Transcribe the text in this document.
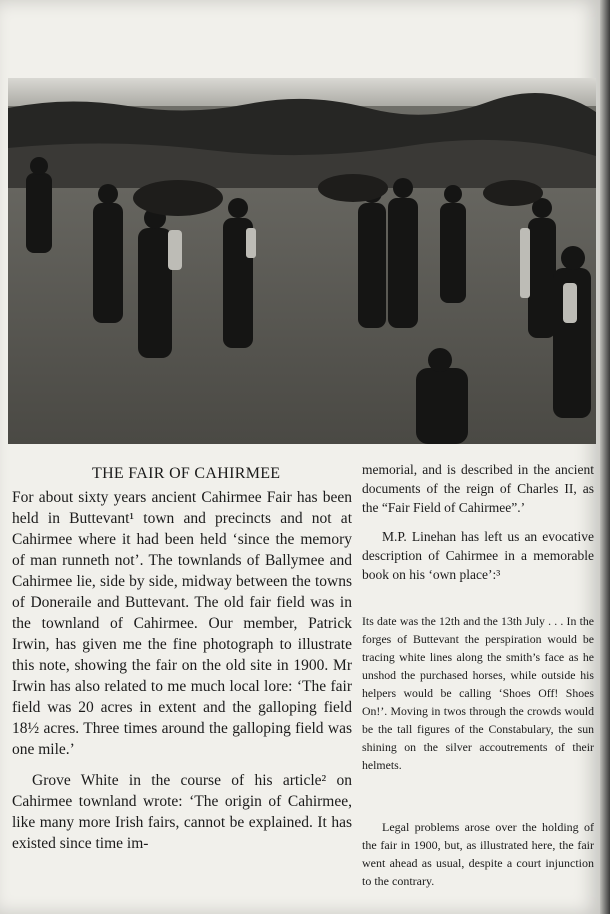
THE FAIR OF CAHIRMEE

For about sixty years ancient Cahirmee Fair has been held in Buttevant¹ town and precincts and not at Cahirmee where it had been held ‘since the memory of man runneth not’. The townlands of Ballymee and Cahirmee lie, side by side, midway between the towns of Doneraile and Buttevant. The old fair field was in the townland of Cahirmee. Our member, Patrick Irwin, has given me the fine photograph to illustrate this note, showing the fair on the old site in 1900. Mr Irwin has also related to me much local lore: ‘The fair field was 20 acres in extent and the galloping field 18½ acres. Three times around the galloping field was one mile.’

Grove White in the course of his article² on Cahirmee townland wrote: ‘The origin of Cahirmee, like many more Irish fairs, cannot be explained. It has existed since time im-

memorial, and is described in the ancient documents of the reign of Charles II, as the “Fair Field of Cahirmee”.’

M.P. Linehan has left us an evocative description of Cahirmee in a memorable book on his ‘own place’:³

Its date was the 12th and the 13th July . . . In the forges of Buttevant the perspiration would be tracing white lines along the smith’s face as he unshod the purchased horses, while outside his helpers would be calling ‘Shoes Off! Shoes On!’. Moving in twos through the crowds would be the tall figures of the Constabulary, the sun shining on the silver accoutrements of their helmets.

Legal problems arose over the holding of the fair in 1900, but, as illustrated here, the fair went ahead as usual, despite a court injunction to the contrary.
